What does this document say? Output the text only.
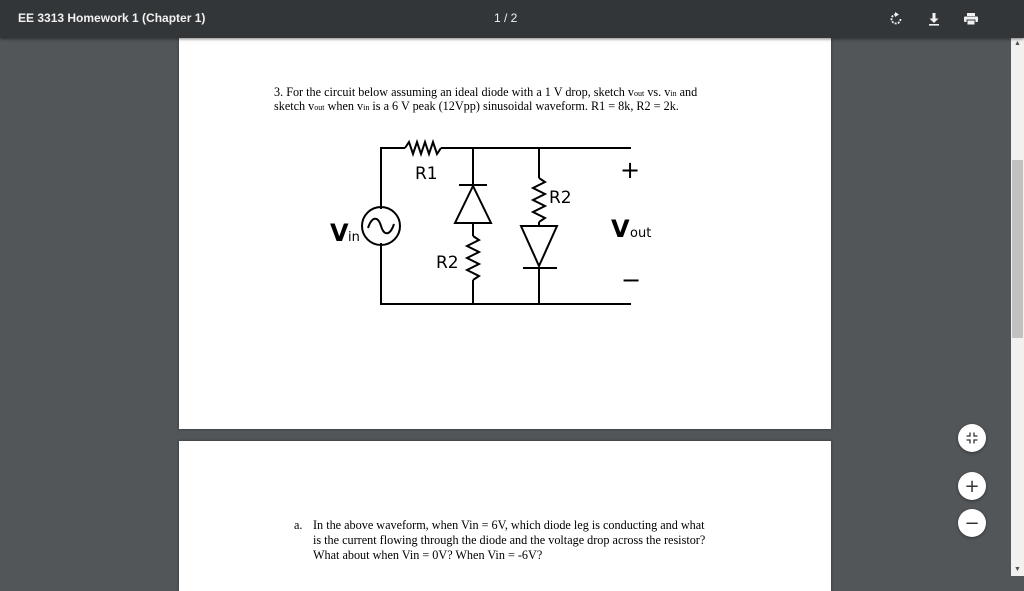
EE 3313 Homework 1 (Chapter 1)	1 / 2
3. For the circuit below assuming an ideal diode with a 1 V drop, sketch vout vs. vin and
sketch vout when vin is a 6 V peak (12Vpp) sinusoidal waveform. R1 = 8k, R2 = 2k.
R1
R2
R2
V in	V out
+
−
a. In the above waveform, when Vin = 6V, which diode leg is conducting and what
is the current flowing through the diode and the voltage drop across the resistor?
What about when Vin = 0V? When Vin = -6V?
+
−
▲
▼
